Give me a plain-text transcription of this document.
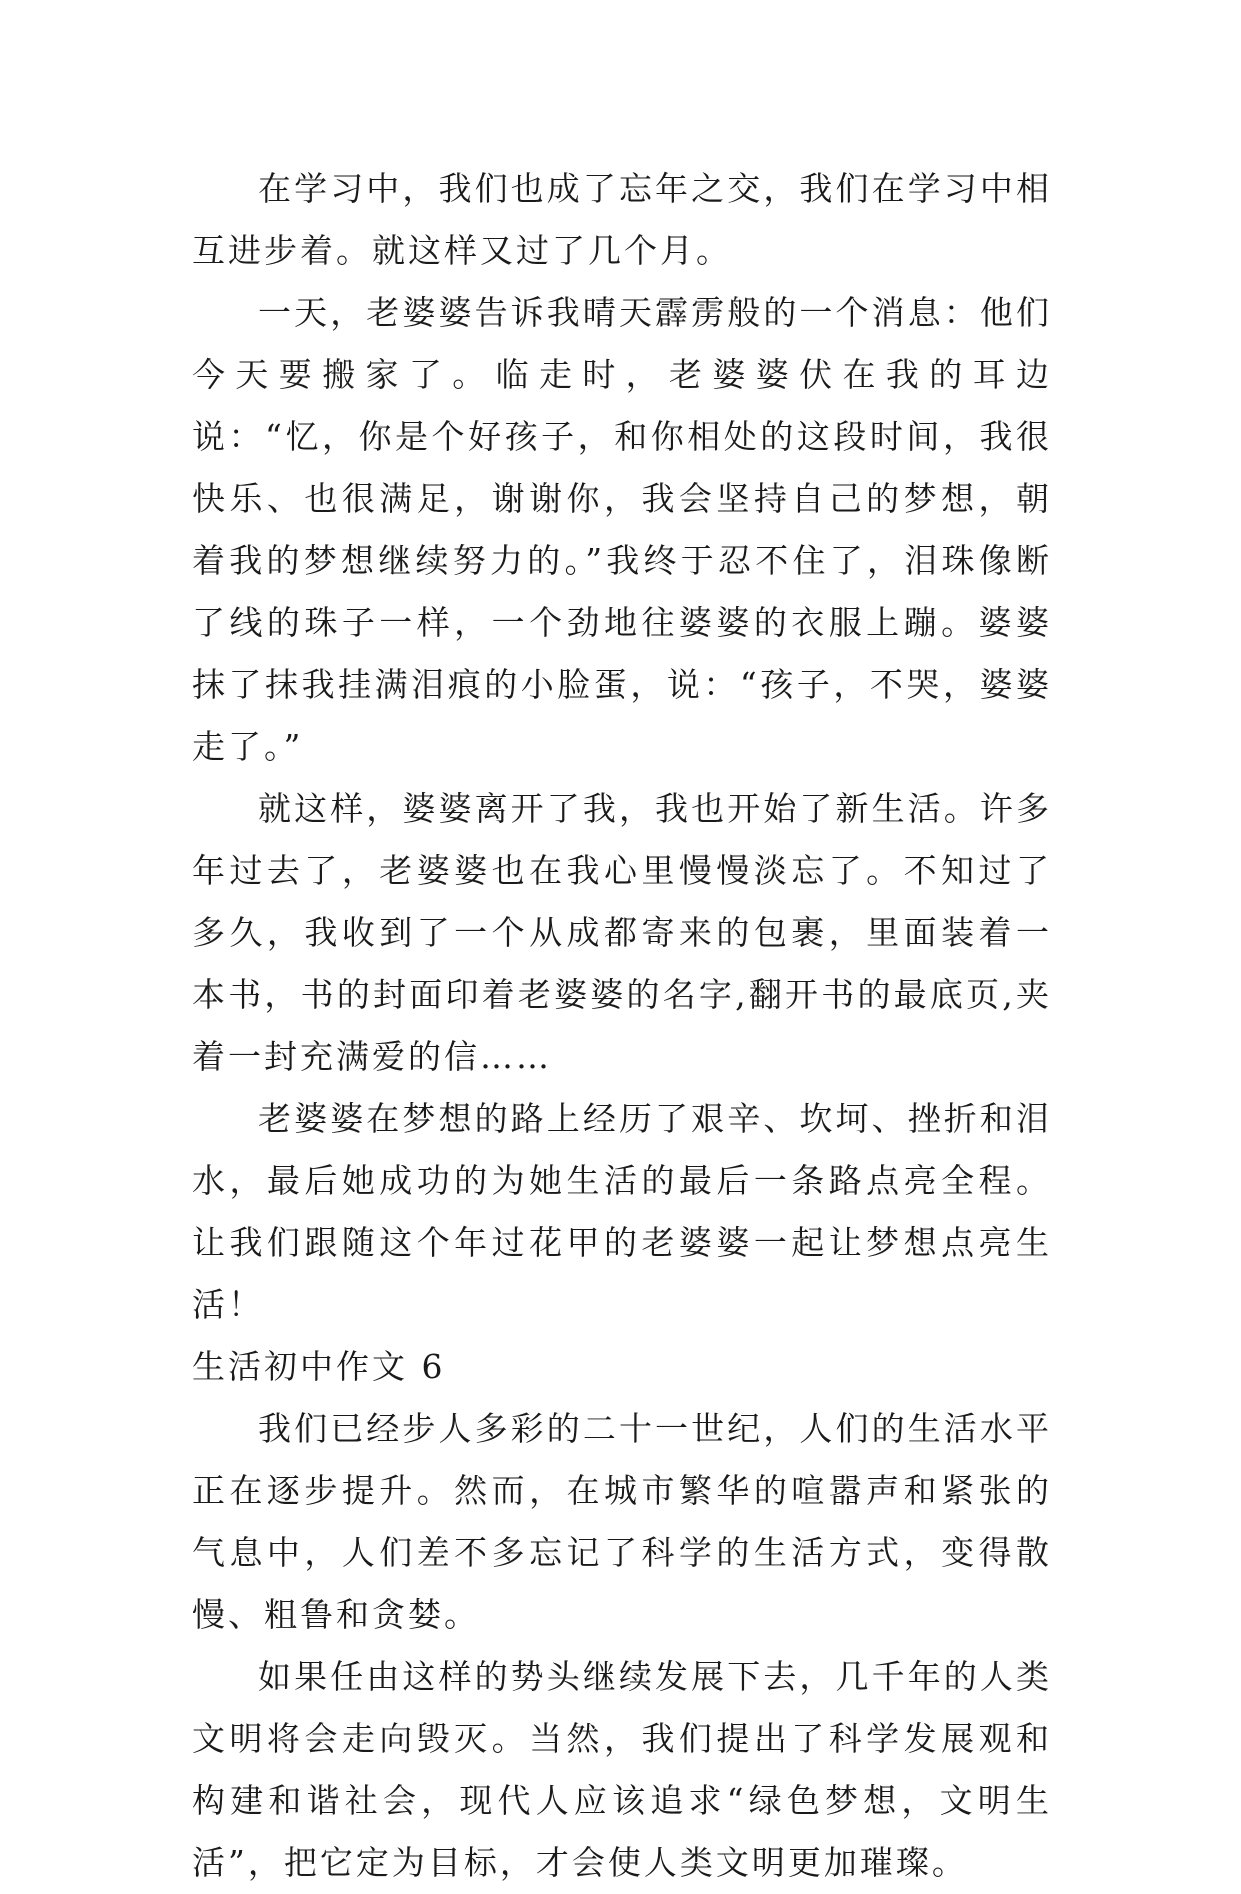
在学习中，我们也成了忘年之交，我们在学习中相互进步着。就这样又过了几个月。

一天，老婆婆告诉我晴天霹雳般的一个消息：他们今天要搬家了。临走时，老婆婆伏在我的耳边说：“忆，你是个好孩子，和你相处的这段时间，我很快乐、也很满足，谢谢你，我会坚持自己的梦想，朝着我的梦想继续努力的。”我终于忍不住了，泪珠像断了线的珠子一样，一个劲地往婆婆的衣服上蹦。婆婆抹了抹我挂满泪痕的小脸蛋，说：“孩子，不哭，婆婆走了。”

就这样，婆婆离开了我，我也开始了新生活。许多年过去了，老婆婆也在我心里慢慢淡忘了。不知过了多久，我收到了一个从成都寄来的包裹，里面装着一本书，书的封面印着老婆婆的名字,翻开书的最底页,夹着一封充满爱的信……

老婆婆在梦想的路上经历了艰辛、坎坷、挫折和泪水，最后她成功的为她生活的最后一条路点亮全程。让我们跟随这个年过花甲的老婆婆一起让梦想点亮生活！

生活初中作文 6

我们已经步人多彩的二十一世纪，人们的生活水平正在逐步提升。然而，在城市繁华的喧嚣声和紧张的气息中，人们差不多忘记了科学的生活方式，变得散慢、粗鲁和贪婪。

如果任由这样的势头继续发展下去，几千年的人类文明将会走向毁灭。当然，我们提出了科学发展观和构建和谐社会，现代人应该追求“绿色梦想，文明生活”，把它定为目标，才会使人类文明更加璀璨。
